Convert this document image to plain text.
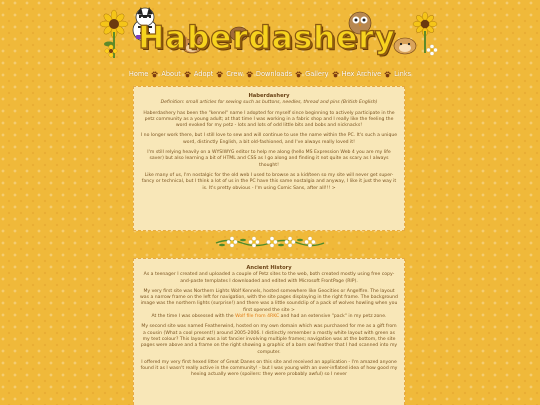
Haberdashery
Home About Adopt Crew Downloads Gallery Hex Archive Links
Haberdashery
Definition: small articles for sewing such as buttons, needles, thread and pins (British English)

Haberdashery has been the "kennel" name I adopted for myself since beginning to actively participate in the petz community as a young adult; at that time I was working in a fabric shop and I really like the feeling the word evoked for my petz - lots and lots of odd little bits and bobs and nicknacks!

I no longer work there, but I still love to sew and will continue to use the name within the PC. It's such a unique word, distinctly English, a bit old-fashioned, and I've always really loved it!

I'm still relying heavily on a WYSIWYG editor to help me along (hello MS Expression Web 4 you are my life saver) but also learning a bit of HTML and CSS as I go along and finding it not quite as scary as I always thought!

Like many of us, I'm nostalgic for the old web I used to browse as a kid/teen so my site will never get super-fancy or technical, but I think a lot of us in the PC have this same nostalgia and anyway, I like it just the way it is. It's pretty obvious - I'm using Comic Sans, after all!!! >

Ancient History

As a teenager I created and uploaded a couple of Petz sites to the web, both created mostly using free copy-and-paste templates I downloaded and edited with Microsoft FrontPage (RIP).

My very first site was Northern Lights Wolf Kennels, hosted somewhere like Geocities or Angelfire. The layout was a narrow frame on the left for navigation, with the site pages displaying in the right frame. The background image was the northern lights (surprise!) and there was a little soundclip of a pack of wolves howling when you first opened the site >

At the time I was obsessed with the Wolf file from 4RKC and had an extensive "pack" in my petz zone.

My second site was named Featherwind, hosted on my own domain which was purchased for me as a gift from a cousin (What a cool present!) around 2005-2006. I distinctly remember a mostly white layout with green as my text colour? This layout was a lot fancier involving multiple frames; navigation was at the bottom, the site pages were above and a frame on the right showing a graphic of a barn owl feather that I had scanned into my computer.

I offered my very first hexed litter of Great Danes on this site and received an application - I'm amazed anyone found it as I wasn't really active in the community! - but I was young with an over-inflated idea of how good my hexing actually were (spoilers: they were probably awful) so I never
